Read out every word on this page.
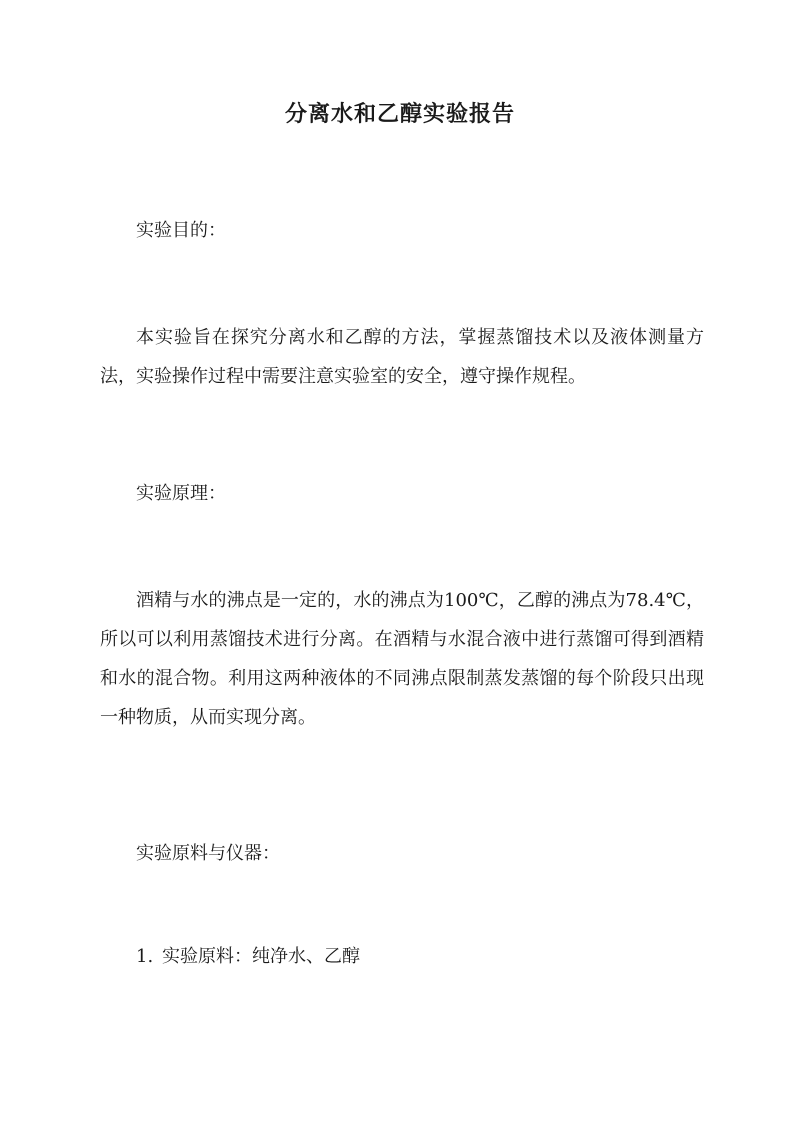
分离水和乙醇实验报告
实验目的：
本实验旨在探究分离水和乙醇的方法，掌握蒸馏技术以及液体测量方法，实验操作过程中需要注意实验室的安全，遵守操作规程。
实验原理：
酒精与水的沸点是一定的，水的沸点为100℃，乙醇的沸点为78.4℃，所以可以利用蒸馏技术进行分离。在酒精与水混合液中进行蒸馏可得到酒精和水的混合物。利用这两种液体的不同沸点限制蒸发蒸馏的每个阶段只出现一种物质，从而实现分离。
实验原料与仪器：
1. 实验原料：纯净水、乙醇
